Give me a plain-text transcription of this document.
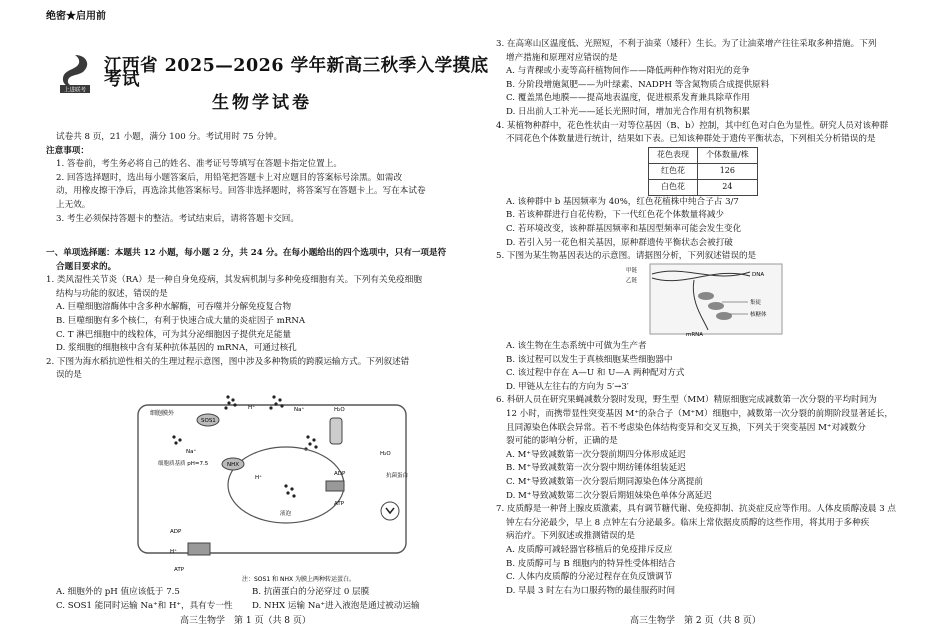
绝密★启用前
上进联考
江西省 2025—2026 学年新高三秋季入学摸底考试
生物学试卷

试卷共 8 页，21 小题，满分 100 分。考试用时 75 分钟。

注意事项：

1. 答卷前，考生务必将自己的姓名、准考证号等填写在答题卡指定位置上。

2. 回答选择题时，选出每小题答案后，用铅笔把答题卡上对应题目的答案标号涂黑。如需改

动，用橡皮擦干净后，再选涂其他答案标号。回答非选择题时，将答案写在答题卡上。写在本试卷

上无效。

3. 考生必须保持答题卡的整洁。考试结束后，请将答题卡交回。

一、单项选择题：本题共 12 小题，每小题 2 分，共 24 分。在每小题给出的四个选项中，只有一项是符

合题目要求的。

1. 类风湿性关节炎（RA）是一种自身免疫病，其发病机制与多种免疫细胞有关。下列有关免疫细胞

结构与功能的叙述，错误的是

A. 巨噬细胞溶酶体中含多种水解酶，可吞噬并分解免疫复合物

B. 巨噬细胞有多个核仁，有利于快速合成大量的炎症因子 mRNA

C. T 淋巴细胞中的线粒体，可为其分泌细胞因子提供充足能量

D. 浆细胞的细胞核中含有某种抗体基因的 mRNA，可通过核孔

2. 下图为海水稻抗逆性相关的生理过程示意图，图中涉及多种物质的跨膜运输方式。下列叙述错

误的是

细胞膜外
SOS1
H⁺	Na⁺	H₂O
H₂O
细胞质基质 pH=7.5
Na⁺
NHX
H⁺
液泡
ADP
ATP
ADP
ATP
H⁺
抗菌蛋白
注：SOS1 和 NHX 为膜上两种转运蛋白。

A. 细胞外的 pH 值应该低于 7.5	B. 抗菌蛋白的分泌穿过 0 层膜

C. SOS1 能同时运输 Na⁺和 H⁺，具有专一性 D. NHX 运输 Na⁺进入液泡是通过被动运输

高三生物学　第 1 页（共 8 页）

3. 在高寒山区温度低、光照短，不利于油菜（矮秆）生长。为了让油菜增产往往采取多种措施。下列

增产措施和原理对应错误的是

A. 与青稞或小麦等高秆植物间作——降低两种作物对阳光的竞争

B. 分阶段增施氮肥——为叶绿素、NADPH 等含氮物质合成提供原料

C. 覆盖黑色地膜——提高地表温度，促进根系发育兼具除草作用

D. 日出前人工补光——延长光照时间，增加光合作用有机物积累

4. 某植物种群中，花色性状由一对等位基因（B、b）控制，其中红色对白色为显性。研究人员对该种群

不同花色个体数量进行统计，结果如下表。已知该种群处于遗传平衡状态，下列相关分析错误的是

花色表现	个体数量/株
红色花	126
白色花	24

A. 该种群中 b 基因频率为 40%，红色花植株中纯合子占 3/7

B. 若该种群进行自花传粉，下一代红色花个体数量将减少

C. 若环境改变，该种群基因频率和基因型频率可能会发生变化

D. 若引入另一花色相关基因，原种群遗传平衡状态会被打破

5. 下图为某生物基因表达的示意图。请据图分析，下列叙述错误的是

甲链
乙链
DNA
集徒
核糖体
mRNA

A. 该生物在生态系统中可做为生产者

B. 该过程可以发生于真核细胞某些细胞器中

C. 该过程中存在 A—U 和 U—A 两种配对方式

D. 甲链从左往右的方向为 5′→3′

6. 科研人员在研究果蝇减数分裂时发现，野生型（MM）精原细胞完成减数第一次分裂的平均时间为

12 小时，而携带显性突变基因 M⁺的杂合子（M⁺M）细胞中，减数第一次分裂的前期阶段显著延长，

且同源染色体联会异常。若不考虑染色体结构变异和交叉互换，下列关于突变基因 M⁺对减数分

裂可能的影响分析，正确的是

A. M⁺导致减数第一次分裂前期四分体形成延迟

B. M⁺导致减数第一次分裂中期纺锤体组装延迟

C. M⁺导致减数第一次分裂后期同源染色体分离提前

D. M⁺导致减数第二次分裂后期姐妹染色单体分离延迟

7. 皮质醇是一种肾上腺皮质激素，具有调节糖代谢、免疫抑制、抗炎症反应等作用。人体皮质醇凌晨 3 点

钟左右分泌最少，早上 8 点钟左右分泌最多。临床上常依据皮质醇的这些作用，将其用于多种疾

病治疗。下列叙述或推测错误的是

A. 皮质醇可减轻器官移植后的免疫排斥反应

B. 皮质醇可与 B 细胞内的特异性受体相结合

C. 人体内皮质醇的分泌过程存在负反馈调节

D. 早晨 3 时左右为口服药物的最佳服药时间

高三生物学　第 2 页（共 8 页）
